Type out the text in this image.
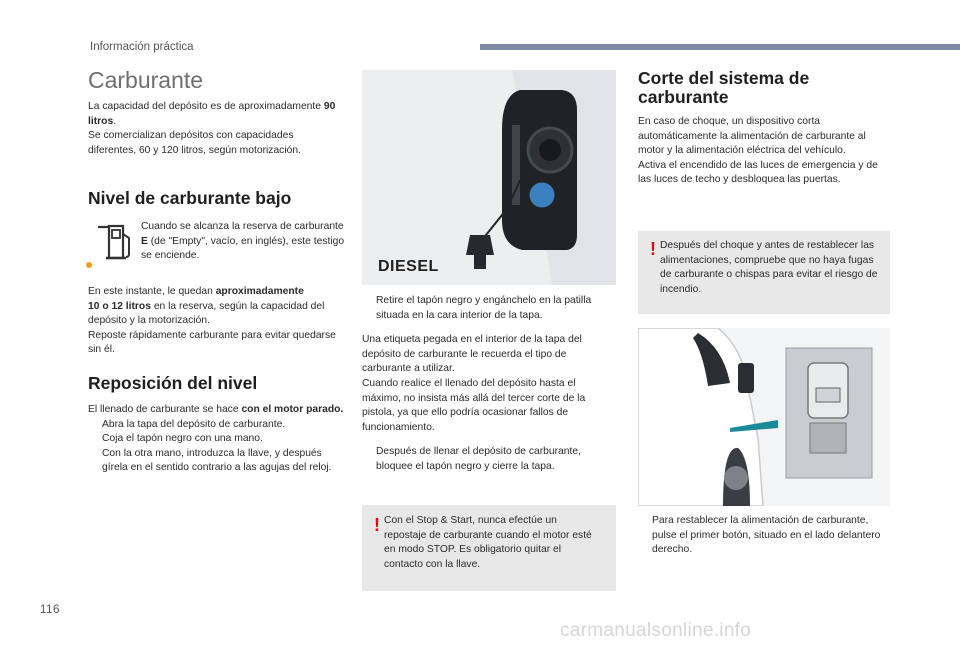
Información práctica
Carburante

La capacidad del depósito es de aproximadamente 90 litros.

Se comercializan depósitos con capacidades diferentes, 60 y 120 litros, según motorización.

Nivel de carburante bajo

Cuando se alcanza la reserva de carburante E (de "Empty", vacío, en inglés), este testigo se enciende.

En este instante, le quedan aproximadamente
10 o 12 litros en la reserva, según la capacidad del depósito y la motorización.

Reposte rápidamente carburante para evitar quedarse sin él.

Reposición del nivel

El llenado de carburante se hace con el motor parado.

Abra la tapa del depósito de carburante.

Coja el tapón negro con una mano.

Con la otra mano, introduzca la llave, y después gírela en el sentido contrario a las agujas del reloj.

DIESEL

Retire el tapón negro y engánchelo en la patilla situada en la cara interior de la tapa.

Una etiqueta pegada en el interior de la tapa del depósito de carburante le recuerda el tipo de carburante a utilizar.

Cuando realice el llenado del depósito hasta el máximo, no insista más allá del tercer corte de la pistola, ya que ello podría ocasionar fallos de funcionamiento.

Después de llenar el depósito de carburante, bloquee el tapón negro y cierre la tapa.

! Con el Stop & Start, nunca efectúe un repostaje de carburante cuando el motor esté en modo STOP. Es obligatorio quitar el contacto con la llave.
Corte del sistema de
carburante

En caso de choque, un dispositivo corta automáticamente la alimentación de carburante al motor y la alimentación eléctrica del vehículo.

Activa el encendido de las luces de emergencia y de las luces de techo y desbloquea las puertas.

! Después del choque y antes de restablecer las alimentaciones, compruebe que no haya fugas de carburante o chispas para evitar el riesgo de incendio.

Para restablecer la alimentación de carburante, pulse el primer botón, situado en el lado delantero derecho.

116
carmanualsonline.info
